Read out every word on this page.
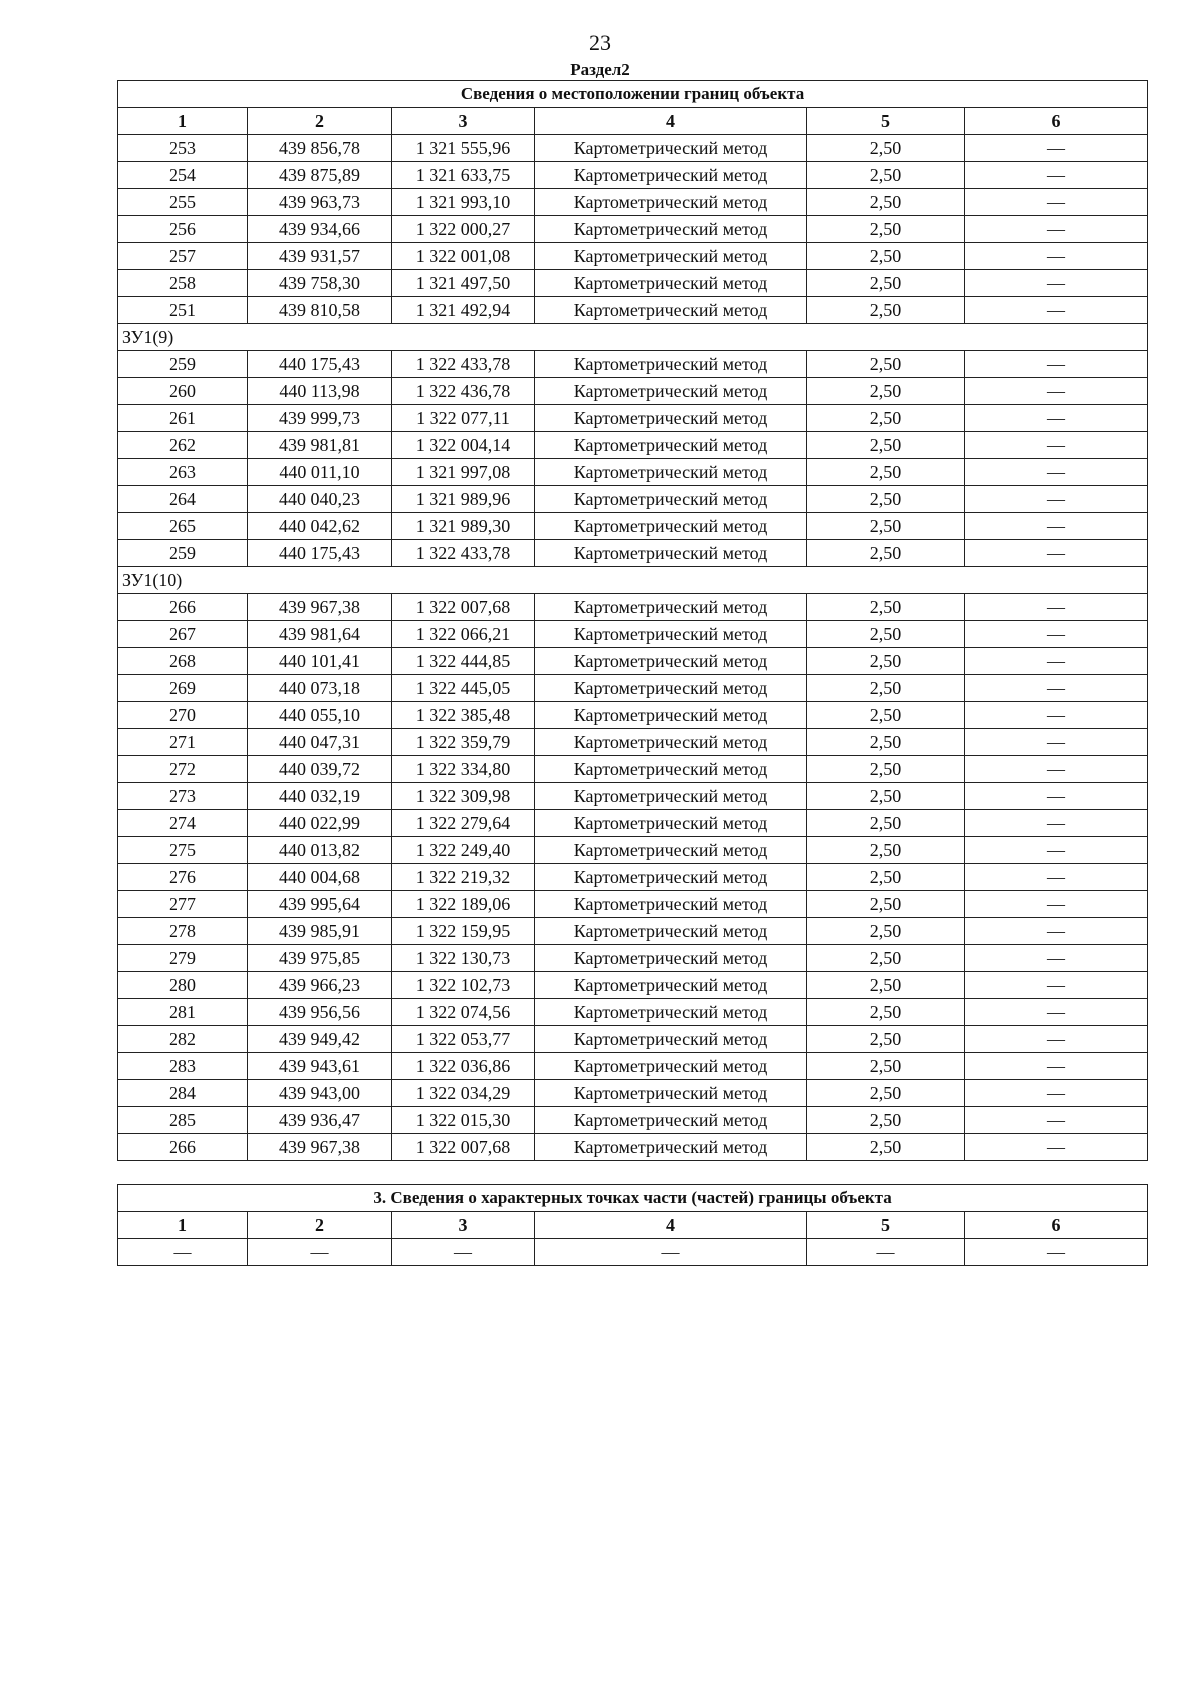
23
Раздел2
Сведения о местоположении границ объекта					
1	2	3	4	5	6
253	439 856,78	1 321 555,96	Картометрический метод	2,50	—
254	439 875,89	1 321 633,75	Картометрический метод	2,50	—
255	439 963,73	1 321 993,10	Картометрический метод	2,50	—
256	439 934,66	1 322 000,27	Картометрический метод	2,50	—
257	439 931,57	1 322 001,08	Картометрический метод	2,50	—
258	439 758,30	1 321 497,50	Картометрический метод	2,50	—
251	439 810,58	1 321 492,94	Картометрический метод	2,50	—
ЗУ1(9)					
259	440 175,43	1 322 433,78	Картометрический метод	2,50	—
260	440 113,98	1 322 436,78	Картометрический метод	2,50	—
261	439 999,73	1 322 077,11	Картометрический метод	2,50	—
262	439 981,81	1 322 004,14	Картометрический метод	2,50	—
263	440 011,10	1 321 997,08	Картометрический метод	2,50	—
264	440 040,23	1 321 989,96	Картометрический метод	2,50	—
265	440 042,62	1 321 989,30	Картометрический метод	2,50	—
259	440 175,43	1 322 433,78	Картометрический метод	2,50	—
ЗУ1(10)					
266	439 967,38	1 322 007,68	Картометрический метод	2,50	—
267	439 981,64	1 322 066,21	Картометрический метод	2,50	—
268	440 101,41	1 322 444,85	Картометрический метод	2,50	—
269	440 073,18	1 322 445,05	Картометрический метод	2,50	—
270	440 055,10	1 322 385,48	Картометрический метод	2,50	—
271	440 047,31	1 322 359,79	Картометрический метод	2,50	—
272	440 039,72	1 322 334,80	Картометрический метод	2,50	—
273	440 032,19	1 322 309,98	Картометрический метод	2,50	—
274	440 022,99	1 322 279,64	Картометрический метод	2,50	—
275	440 013,82	1 322 249,40	Картометрический метод	2,50	—
276	440 004,68	1 322 219,32	Картометрический метод	2,50	—
277	439 995,64	1 322 189,06	Картометрический метод	2,50	—
278	439 985,91	1 322 159,95	Картометрический метод	2,50	—
279	439 975,85	1 322 130,73	Картометрический метод	2,50	—
280	439 966,23	1 322 102,73	Картометрический метод	2,50	—
281	439 956,56	1 322 074,56	Картометрический метод	2,50	—
282	439 949,42	1 322 053,77	Картометрический метод	2,50	—
283	439 943,61	1 322 036,86	Картометрический метод	2,50	—
284	439 943,00	1 322 034,29	Картометрический метод	2,50	—
285	439 936,47	1 322 015,30	Картометрический метод	2,50	—
266	439 967,38	1 322 007,68	Картометрический метод	2,50	—
3. Сведения о характерных точках части (частей) границы объекта					
1	2	3	4	5	6
—	—	—	—	—	—
